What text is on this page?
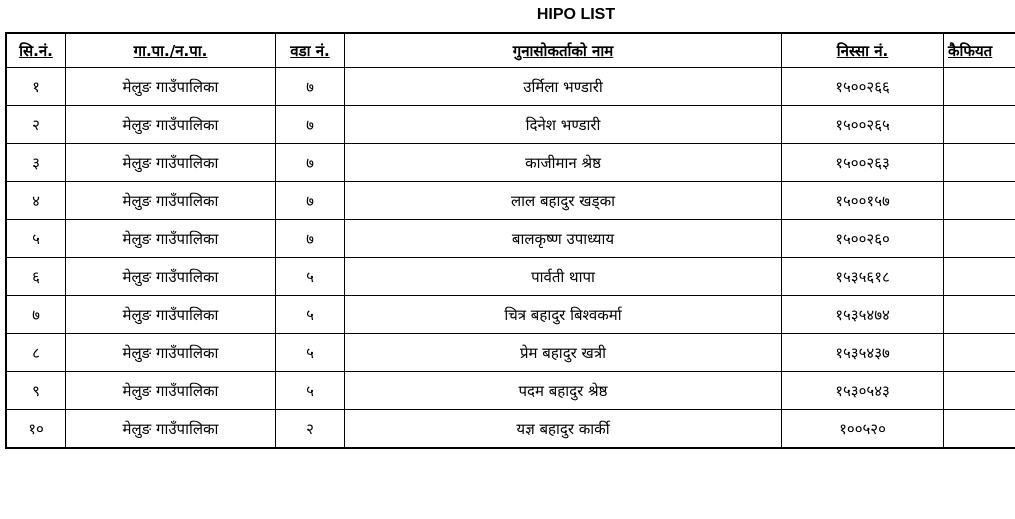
HIPO LIST
सि.नं.	गा.पा./न.पा.	वडा नं.	गुनासोकर्ताको नाम	निस्सा नं.	कैफियत
१	मेलुङ गाउँपालिका	७	उर्मिला भण्डारी	१५००२६६	
२	मेलुङ गाउँपालिका	७	दिनेश भण्डारी	१५००२६५	
३	मेलुङ गाउँपालिका	७	काजीमान श्रेष्ठ	१५००२६३	
४	मेलुङ गाउँपालिका	७	लाल बहादुर खड्का	१५००१५७	
५	मेलुङ गाउँपालिका	७	बालकृष्ण उपाध्याय	१५००२६०	
६	मेलुङ गाउँपालिका	५	पार्वती थापा	१५३५६१८	
७	मेलुङ गाउँपालिका	५	चित्र बहादुर बिश्वकर्मा	१५३५४७४	
८	मेलुङ गाउँपालिका	५	प्रेम बहादुर खत्री	१५३५४३७	
९	मेलुङ गाउँपालिका	५	पदम बहादुर श्रेष्ठ	१५३०५४३	
१०	मेलुङ गाउँपालिका	२	यज्ञ बहादुर कार्की	१००५२०	
